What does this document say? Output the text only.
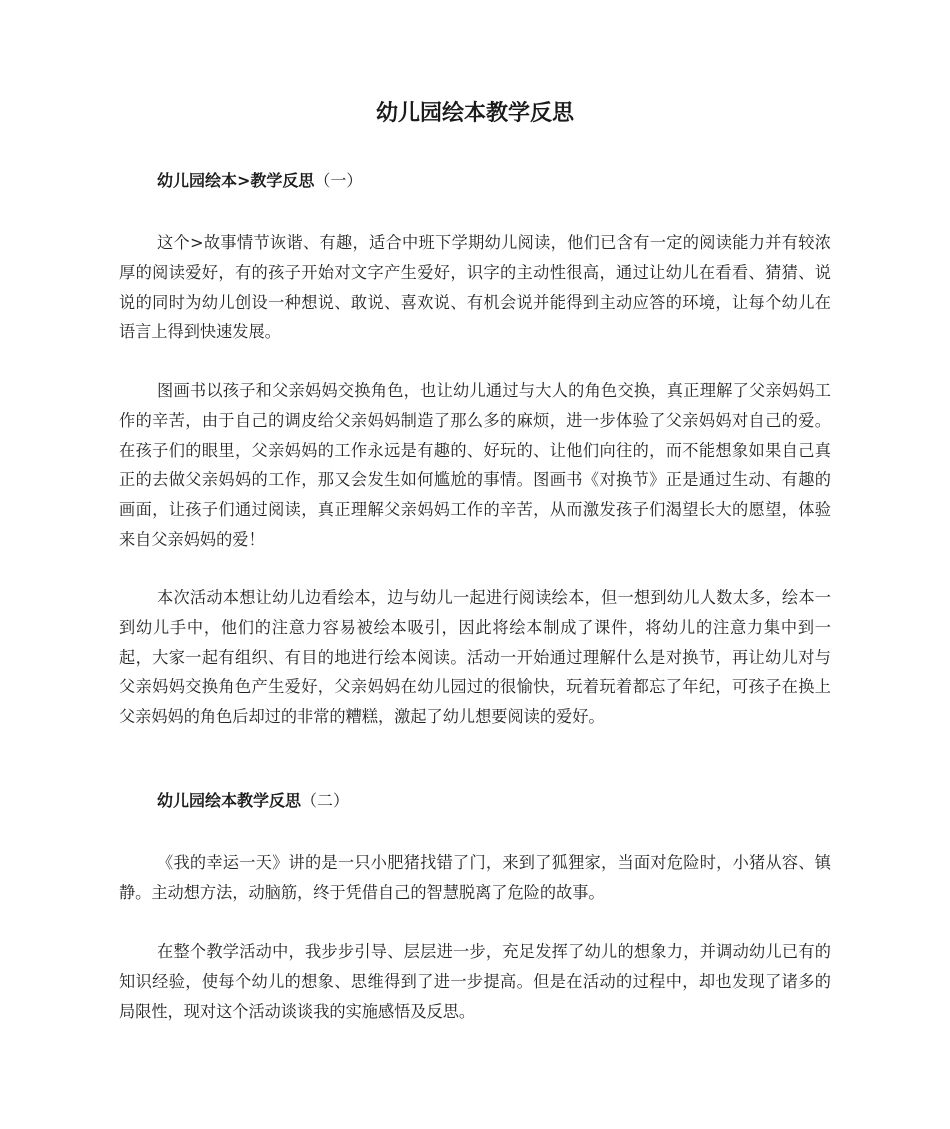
幼儿园绘本教学反思
幼儿园绘本>教学反思（一）

这个>故事情节诙谐、有趣，适合中班下学期幼儿阅读，他们已含有一定的阅读能力并有较浓厚的阅读爱好，有的孩子开始对文字产生爱好，识字的主动性很高，通过让幼儿在看看、猜猜、说说的同时为幼儿创设一种想说、敢说、喜欢说、有机会说并能得到主动应答的环境，让每个幼儿在语言上得到快速发展。

图画书以孩子和父亲妈妈交换角色，也让幼儿通过与大人的角色交换，真正理解了父亲妈妈工作的辛苦，由于自己的调皮给父亲妈妈制造了那么多的麻烦，进一步体验了父亲妈妈对自己的爱。在孩子们的眼里，父亲妈妈的工作永远是有趣的、好玩的、让他们向往的，而不能想象如果自己真正的去做父亲妈妈的工作，那又会发生如何尴尬的事情。图画书《对换节》正是通过生动、有趣的画面，让孩子们通过阅读，真正理解父亲妈妈工作的辛苦，从而激发孩子们渴望长大的愿望，体验来自父亲妈妈的爱！

本次活动本想让幼儿边看绘本，边与幼儿一起进行阅读绘本，但一想到幼儿人数太多，绘本一到幼儿手中，他们的注意力容易被绘本吸引，因此将绘本制成了课件，将幼儿的注意力集中到一起，大家一起有组织、有目的地进行绘本阅读。活动一开始通过理解什么是对换节，再让幼儿对与父亲妈妈交换角色产生爱好，父亲妈妈在幼儿园过的很愉快，玩着玩着都忘了年纪，可孩子在换上父亲妈妈的角色后却过的非常的糟糕，激起了幼儿想要阅读的爱好。

幼儿园绘本教学反思（二）

《我的幸运一天》讲的是一只小肥猪找错了门，来到了狐狸家，当面对危险时，小猪从容、镇静。主动想方法，动脑筋，终于凭借自己的智慧脱离了危险的故事。

在整个教学活动中，我步步引导、层层进一步，充足发挥了幼儿的想象力，并调动幼儿已有的知识经验，使每个幼儿的想象、思维得到了进一步提高。但是在活动的过程中，却也发现了诸多的局限性，现对这个活动谈谈我的实施感悟及反思。
